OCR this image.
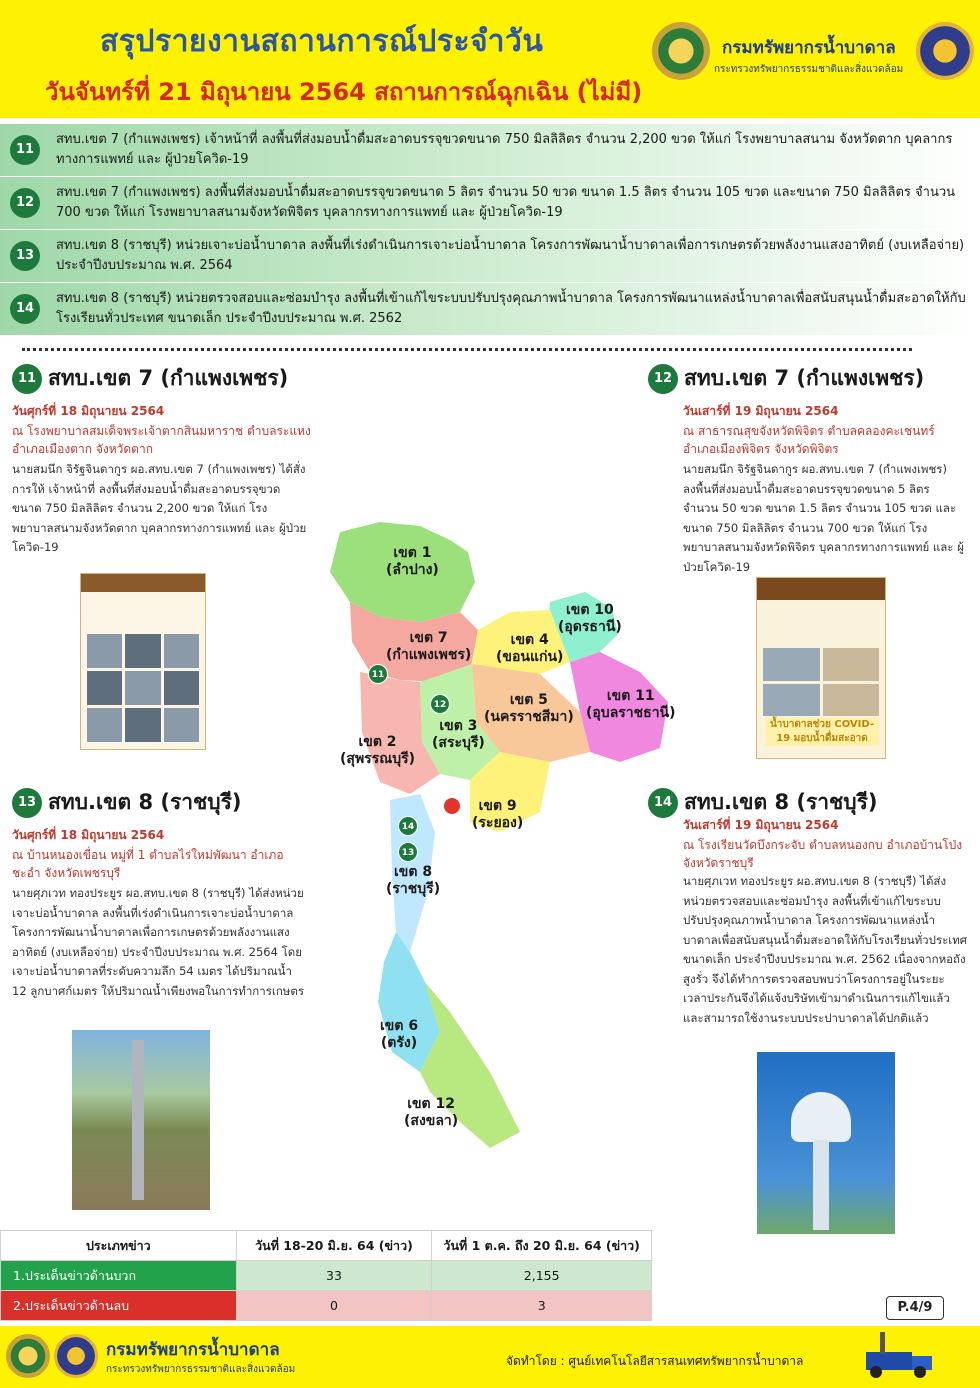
สรุปรายงานสถานการณ์ประจำวัน
วันจันทร์ที่ 21 มิถุนายน 2564 สถานการณ์ฉุกเฉิน (ไม่มี)
กรมทรัพยากรน้ำบาดาล
กระทรวงทรัพยากรธรรมชาติและสิ่งแวดล้อม
11
สทบ.เขต 7 (กำแพงเพชร) เจ้าหน้าที่ ลงพื้นที่ส่งมอบน้ำดื่มสะอาดบรรจุขวดขนาด 750 มิลลิลิตร จำนวน 2,200 ขวด ให้แก่ โรงพยาบาลสนาม จังหวัดตาก บุคลากรทางการแพทย์ และ ผู้ป่วยโควิด-19
12
สทบ.เขต 7 (กำแพงเพชร) ลงพื้นที่ส่งมอบน้ำดื่มสะอาดบรรจุขวดขนาด 5 ลิตร จำนวน 50 ขวด ขนาด 1.5 ลิตร จำนวน 105 ขวด และขนาด 750 มิลลิลิตร จำนวน 700 ขวด ให้แก่ โรงพยาบาลสนามจังหวัดพิจิตร บุคลากรทางการแพทย์ และ ผู้ป่วยโควิด-19
13
สทบ.เขต 8 (ราชบุรี) หน่วยเจาะบ่อน้ำบาดาล ลงพื้นที่เร่งดำเนินการเจาะบ่อน้ำบาดาล โครงการพัฒนาน้ำบาดาลเพื่อการเกษตรด้วยพลังงานแสงอาทิตย์ (งบเหลือจ่าย) ประจำปีงบประมาณ พ.ศ. 2564
14
สทบ.เขต 8 (ราชบุรี) หน่วยตรวจสอบและซ่อมบำรุง ลงพื้นที่เข้าแก้ไขระบบปรับปรุงคุณภาพน้ำบาดาล โครงการพัฒนาแหล่งน้ำบาดาลเพื่อสนับสนุนน้ำดื่มสะอาดให้กับโรงเรียนทั่วประเทศ ขนาดเล็ก ประจำปีงบประมาณ พ.ศ. 2562
11 สทบ.เขต 7 (กำแพงเพชร)
วันศุกร์ที่ 18 มิถุนายน 2564
ณ โรงพยาบาลสมเด็จพระเจ้าตากสินมหาราช ตำบลระแหง อำเภอเมืองตาก จังหวัดตาก
นายสมนึก จิรัฐจินดากูร ผอ.สทบ.เขต 7 (กำแพงเพชร) ได้สั่งการให้ เจ้าหน้าที่ ลงพื้นที่ส่งมอบน้ำดื่มสะอาดบรรจุขวดขนาด 750 มิลลิลิตร จำนวน 2,200 ขวด ให้แก่ โรงพยาบาลสนามจังหวัดตาก บุคลากรทางการแพทย์ และ ผู้ป่วยโควิด-19
12 สทบ.เขต 7 (กำแพงเพชร)
วันเสาร์ที่ 19 มิถุนายน 2564
ณ สาธารณสุขจังหวัดพิจิตร ตำบลคลองคะเชนทร์ อำเภอเมืองพิจิตร จังหวัดพิจิตร
นายสมนึก จิรัฐจินดากูร ผอ.สทบ.เขต 7 (กำแพงเพชร) ลงพื้นที่ส่งมอบน้ำดื่มสะอาดบรรจุขวดขนาด 5 ลิตร จำนวน 50 ขวด ขนาด 1.5 ลิตร จำนวน 105 ขวด และขนาด 750 มิลลิลิตร จำนวน 700 ขวด ให้แก่ โรงพยาบาลสนามจังหวัดพิจิตร บุคลากรทางการแพทย์ และ ผู้ป่วยโควิด-19
น้ำบาดาลช่วย COVID-19 มอบน้ำดื่มสะอาด
เขต 1
(ลำปาง)
เขต 7
(กำแพงเพชร)
เขต 4
(ขอนแก่น)
เขต 10
(อุดรธานี)
เขต 5
(นครราชสีมา)
เขต 11
(อุบลราชธานี)
เขต 3
(สระบุรี)
เขต 2
(สุพรรณบุรี)
เขต 9
(ระยอง)
เขต 8
(ราชบุรี)
เขต 6
(ตรัง)
เขต 12
(สงขลา)
11
12
14
13
13 สทบ.เขต 8 (ราชบุรี)
วันศุกร์ที่ 18 มิถุนายน 2564
ณ บ้านหนองเขื่อน หมู่ที่ 1 ตำบลไร่ใหม่พัฒนา อำเภอชะอำ จังหวัดเพชรบุรี
นายศุภเวท ทองประยูร ผอ.สทบ.เขต 8 (ราชบุรี) ได้ส่งหน่วยเจาะบ่อน้ำบาดาล ลงพื้นที่เร่งดำเนินการเจาะบ่อน้ำบาดาล โครงการพัฒนาน้ำบาดาลเพื่อการเกษตรด้วยพลังงานแสงอาทิตย์ (งบเหลือจ่าย) ประจำปีงบประมาณ พ.ศ. 2564 โดยเจาะบ่อน้ำบาดาลที่ระดับความลึก 54 เมตร ได้ปริมาณน้ำ 12 ลูกบาศก์เมตร ให้ปริมาณน้ำเพียงพอในการทำการเกษตร
14 สทบ.เขต 8 (ราชบุรี)
วันเสาร์ที่ 19 มิถุนายน 2564
ณ โรงเรียนวัดบึงกระจับ ตำบลหนองกบ อำเภอบ้านโป่ง จังหวัดราชบุรี
นายศุภเวท ทองประยูร ผอ.สทบ.เขต 8 (ราชบุรี) ได้ส่งหน่วยตรวจสอบและซ่อมบำรุง ลงพื้นที่เข้าแก้ไขระบบปรับปรุงคุณภาพน้ำบาดาล โครงการพัฒนาแหล่งน้ำบาดาลเพื่อสนับสนุนน้ำดื่มสะอาดให้กับโรงเรียนทั่วประเทศ ขนาดเล็ก ประจำปีงบประมาณ พ.ศ. 2562 เนื่องจากหอถังสูงรั่ว จึงได้ทำการตรวจสอบพบว่าโครงการอยู่ในระยะเวลาประกันจึงได้แจ้งบริษัทเข้ามาดำเนินการแก้ไขแล้ว และสามารถใช้งานระบบประปาบาดาลได้ปกติแล้ว
ประเภทข่าว	วันที่ 18-20 มิ.ย. 64 (ข่าว)	วันที่ 1 ต.ค. ถึง 20 มิ.ย. 64 (ข่าว)
1.ประเด็นข่าวด้านบวก	33	2,155
2.ประเด็นข่าวด้านลบ	0	3	P.4/9
กรมทรัพยากรน้ำบาดาล
กระทรวงทรัพยากรธรรมชาติและสิ่งแวดล้อม
จัดทำโดย : ศูนย์เทคโนโลยีสารสนเทศทรัพยากรน้ำบาดาล
